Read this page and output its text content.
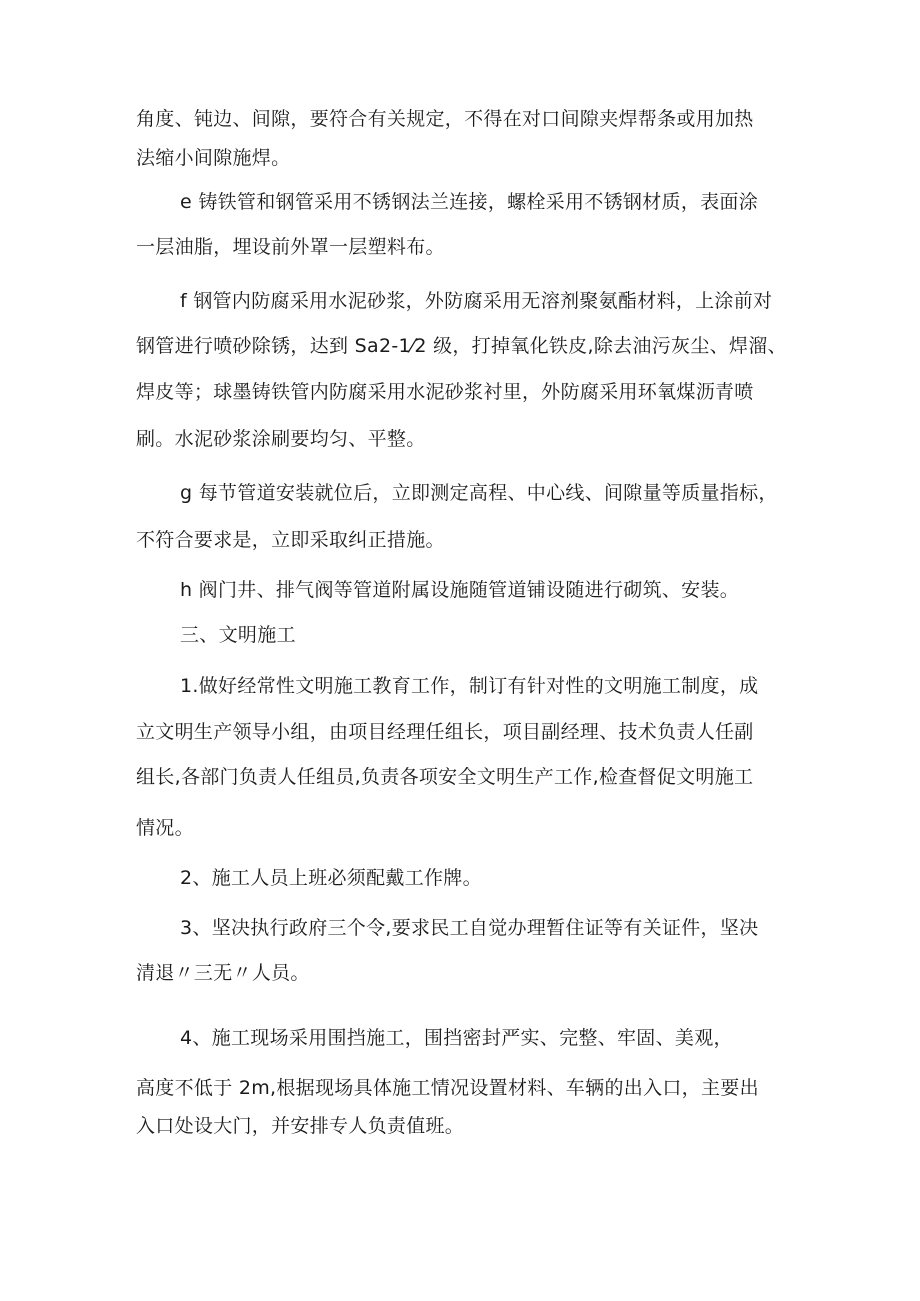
角度、钝边、间隙，要符合有关规定，不得在对口间隙夹焊帮条或用加热
法缩小间隙施焊。
e 铸铁管和钢管采用不锈钢法兰连接，螺栓采用不锈钢材质，表面涂
一层油脂，埋设前外罩一层塑料布。
f 钢管内防腐采用水泥砂浆，外防腐采用无溶剂聚氨酯材料，上涂前对
钢管进行喷砂除锈，达到 Sa2-1⁄2 级，打掉氧化铁皮,除去油污灰尘、焊溜、
焊皮等；球墨铸铁管内防腐采用水泥砂浆衬里，外防腐采用环氧煤沥青喷
刷。水泥砂浆涂刷要均匀、平整。
g 每节管道安装就位后，立即测定高程、中心线、间隙量等质量指标，
不符合要求是，立即采取纠正措施。
h 阀门井、排气阀等管道附属设施随管道铺设随进行砌筑、安装。
三、文明施工
1.做好经常性文明施工教育工作，制订有针对性的文明施工制度，成
立文明生产领导小组，由项目经理任组长，项目副经理、技术负责人任副
组长,各部门负责人任组员,负责各项安全文明生产工作,检查督促文明施工
情况。
2、施工人员上班必须配戴工作牌。
3、坚决执行政府三个令,要求民工自觉办理暂住证等有关证件，坚决
清退〃三无〃人员。
4、施工现场采用围挡施工，围挡密封严实、完整、牢固、美观，
高度不低于 2m,根据现场具体施工情况设置材料、车辆的出入口，主要出
入口处设大门，并安排专人负责值班。
